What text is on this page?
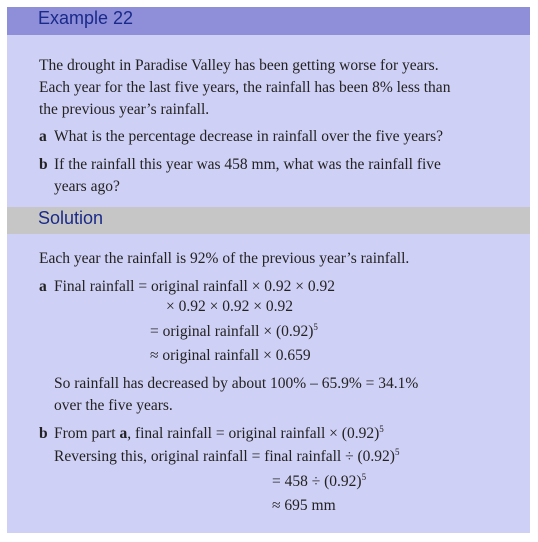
Example 22
The drought in Paradise Valley has been getting worse for years.
Each year for the last five years, the rainfall has been 8% less than
the previous year’s rainfall.
a What is the percentage decrease in rainfall over the five years?
b If the rainfall this year was 458 mm, what was the rainfall five
years ago?
Solution
Each year the rainfall is 92% of the previous year’s rainfall.
a Final rainfall = original rainfall × 0.92 × 0.92
× 0.92 × 0.92 × 0.92
= original rainfall × $(0.92)^5$
≈ original rainfall × 0.659
So rainfall has decreased by about 100% – 65.9% = 34.1%
over the five years.
b From part a, final rainfall = original rainfall × $(0.92)^5$
Reversing this, original rainfall = final rainfall ÷ $(0.92)^5$
= $458 \div (0.92)^5$
≈ 695 mm
